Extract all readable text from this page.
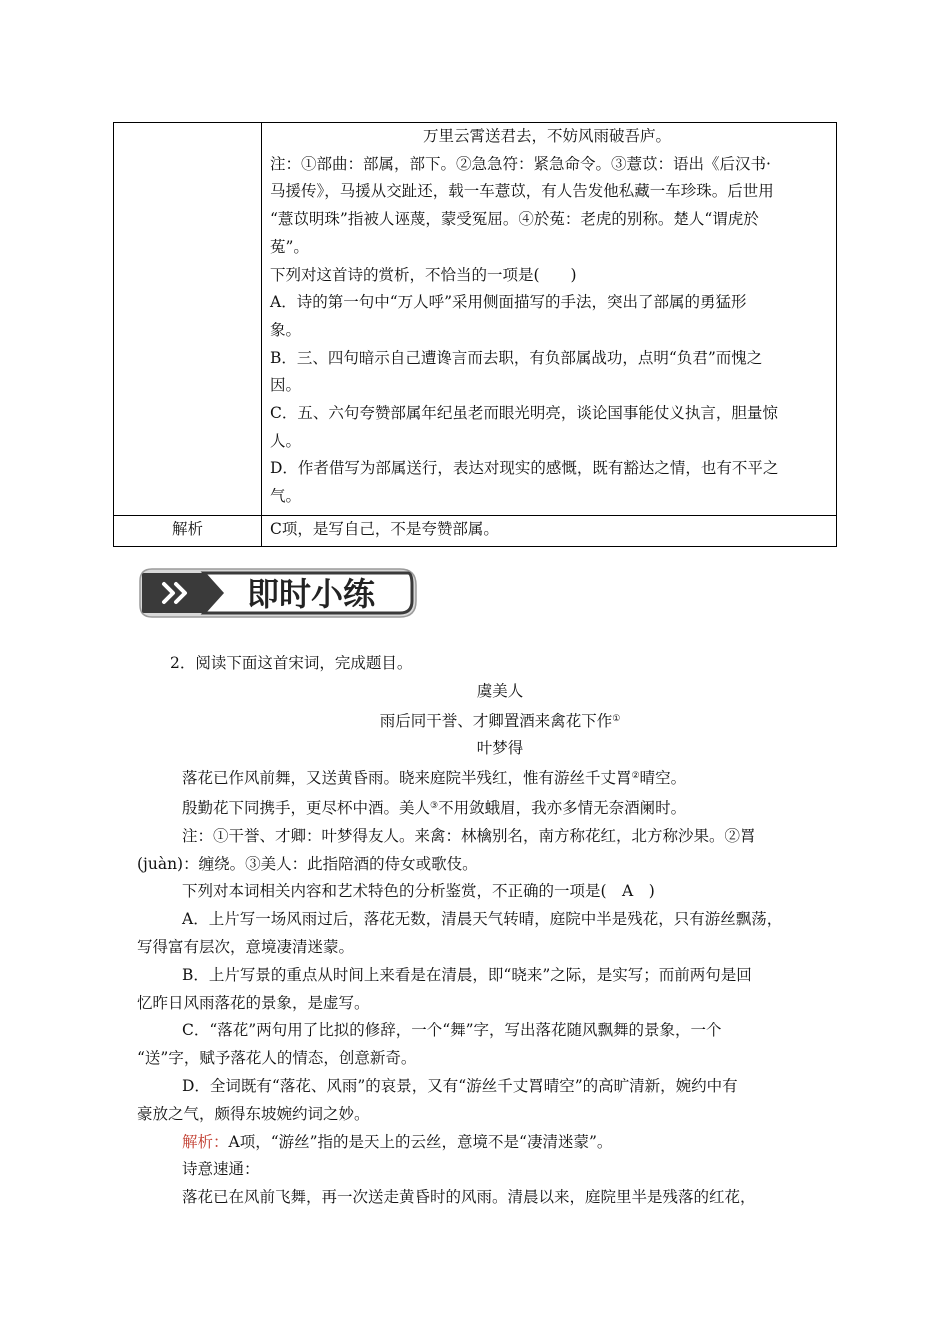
万里云霄送君去，不妨风雨破吾庐。
注：①部曲：部属，部下。②急急符：紧急命令。③薏苡：语出《后汉书·
马援传》，马援从交趾还，载一车薏苡，有人告发他私藏一车珍珠。后世用
“薏苡明珠”指被人诬蔑，蒙受冤屈。④於菟：老虎的别称。楚人“谓虎於
菟”。
下列对这首诗的赏析，不恰当的一项是(　　)
A．诗的第一句中“万人呼”采用侧面描写的手法，突出了部属的勇猛形
象。
B．三、四句暗示自己遭谗言而去职，有负部属战功，点明“负君”而愧之
因。
C．五、六句夸赞部属年纪虽老而眼光明亮，谈论国事能仗义执言，胆量惊
人。
D．作者借写为部属送行，表达对现实的感慨，既有豁达之情，也有不平之
气。
解析	C项，是写自己，不是夸赞部属。
即时小练

2．阅读下面这首宋词，完成题目。

虞美人

雨后同干誉、才卿置酒来禽花下作①

叶梦得

落花已作风前舞，又送黄昏雨。晓来庭院半残红，惟有游丝千丈罥②晴空。

殷勤花下同携手，更尽杯中酒。美人③不用敛蛾眉，我亦多情无奈酒阑时。

注：①干誉、才卿：叶梦得友人。来禽：林檎别名，南方称花红，北方称沙果。②罥

(juàn)：缠绕。③美人：此指陪酒的侍女或歌伎。

下列对本词相关内容和艺术特色的分析鉴赏，不正确的一项是(　A　)

A．上片写一场风雨过后，落花无数，清晨天气转晴，庭院中半是残花，只有游丝飘荡，

写得富有层次，意境凄清迷蒙。

B．上片写景的重点从时间上来看是在清晨，即“晓来”之际，是实写；而前两句是回

忆昨日风雨落花的景象，是虚写。

C．“落花”两句用了比拟的修辞，一个“舞”字，写出落花随风飘舞的景象，一个

“送”字，赋予落花人的情态，创意新奇。

D．全词既有“落花、风雨”的哀景，又有“游丝千丈罥晴空”的高旷清新，婉约中有

豪放之气，颇得东坡婉约词之妙。

解析：A项，“游丝”指的是天上的云丝，意境不是“凄清迷蒙”。

诗意速通：

落花已在风前飞舞，再一次送走黄昏时的风雨。清晨以来，庭院里半是残落的红花，
